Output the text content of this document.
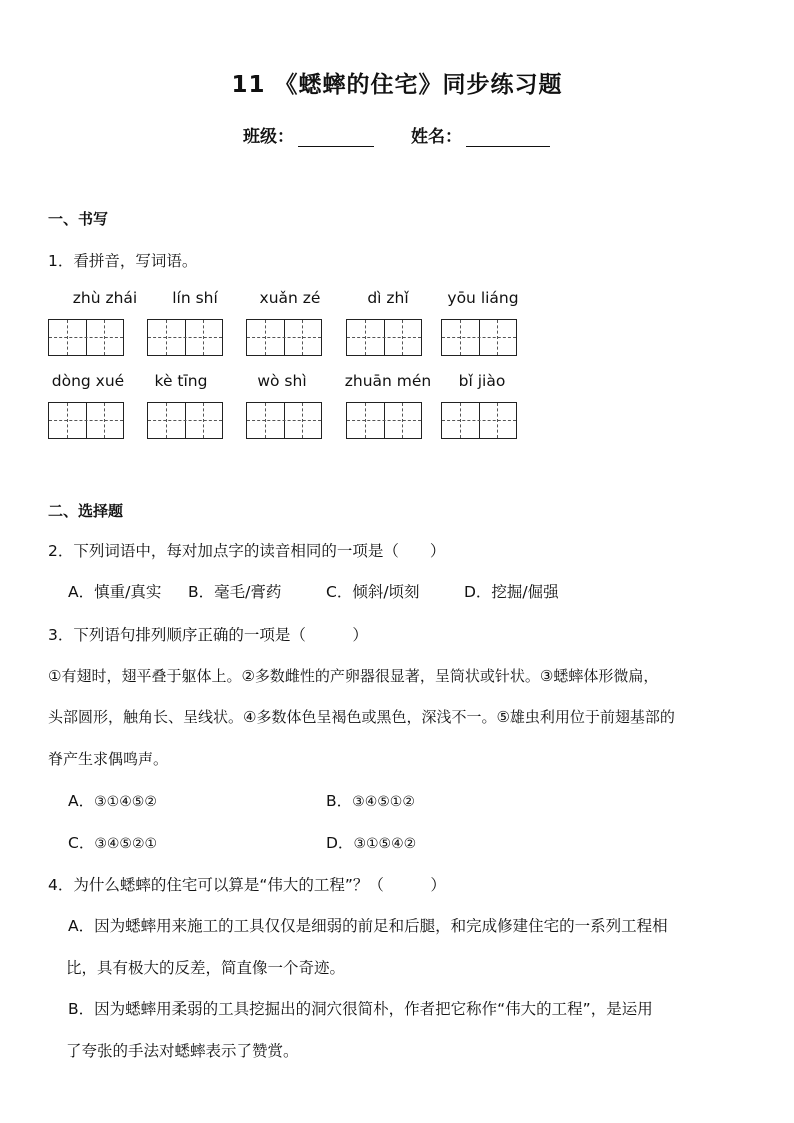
11 《蟋蟀的住宅》同步练习题
班级：	姓名：
一、书写
1．看拼音，写词语。
zhù zhái	lín shí	xuǎn zé	dì zhǐ	yōu liáng
dòng xué	kè tīng	wò shì	zhuān mén	bǐ jiào
二、选择题
2．下列词语中，每对加点字的读音相同的一项是（　　）
A．慎重/真实 B．毫毛/膏药	C．倾斜/顷刻	D．挖掘/倔强
3．下列语句排列顺序正确的一项是（　　　）
①有翅时，翅平叠于躯体上。②多数雌性的产卵器很显著，呈筒状或针状。③蟋蟀体形微扁，
头部圆形，触角长、呈线状。④多数体色呈褐色或黑色，深浅不一。⑤雄虫利用位于前翅基部的
脊产生求偶鸣声。
A．③①④⑤②	B．③④⑤①②
C．③④⑤②①	D．③①⑤④②
4．为什么蟋蟀的住宅可以算是“伟大的工程”？（　　　）
A．因为蟋蟀用来施工的工具仅仅是细弱的前足和后腿，和完成修建住宅的一系列工程相
比，具有极大的反差，简直像一个奇迹。
B．因为蟋蟀用柔弱的工具挖掘出的洞穴很简朴，作者把它称作“伟大的工程”，是运用
了夸张的手法对蟋蟀表示了赞赏。
